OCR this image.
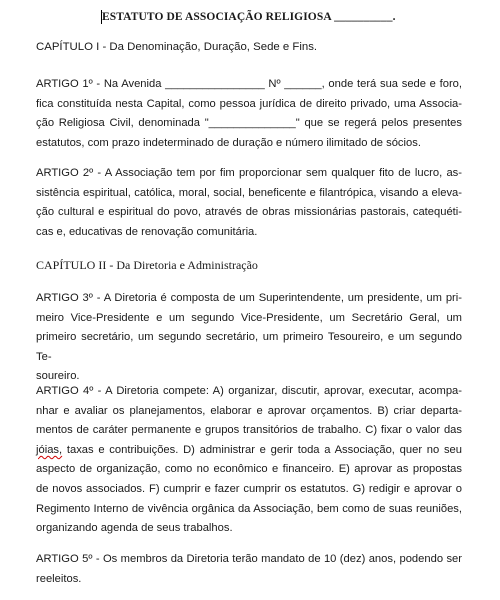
ESTATUTO DE ASSOCIAÇÃO RELIGIOSA __________.
CAPÍTULO I - Da Denominação, Duração, Sede e Fins.
ARTIGO 1º - Na Avenida ________________ Nº ______, onde terá sua sede e foro,
fica constituída nesta Capital, como pessoa jurídica de direito privado, uma Associa-
ção Religiosa Civil, denominada "______________" que se regerá pelos presentes
estatutos, com prazo indeterminado de duração e número ilimitado de sócios.
ARTIGO 2º - A Associação tem por fim proporcionar sem qualquer fito de lucro, as-
sistência espiritual, católica, moral, social, beneficente e filantrópica, visando a eleva-
ção cultural e espiritual do povo, através de obras missionárias pastorais, catequéti-
cas e, educativas de renovação comunitária.
CAPÍTULO II - Da Diretoria e Administração
ARTIGO 3º - A Diretoria é composta de um Superintendente, um presidente, um pri-
meiro Vice-Presidente e um segundo Vice-Presidente, um Secretário Geral, um
primeiro secretário, um segundo secretário, um primeiro Tesoureiro, e um segundo Te-
soureiro.
ARTIGO 4º - A Diretoria compete: A) organizar, discutir, aprovar, executar, acompa-
nhar e avaliar os planejamentos, elaborar e aprovar orçamentos. B) criar departa-
mentos de caráter permanente e grupos transitórios de trabalho. C) fixar o valor das
jóias, taxas e contribuições. D) administrar e gerir toda a Associação, quer no seu
aspecto de organização, como no econômico e financeiro. E) aprovar as propostas
de novos associados. F) cumprir e fazer cumprir os estatutos. G) redigir e aprovar o
Regimento Interno de vivência orgânica da Associação, bem como de suas reuniões,
organizando agenda de seus trabalhos.
ARTIGO 5º - Os membros da Diretoria terão mandato de 10 (dez) anos, podendo ser
reeleitos.
